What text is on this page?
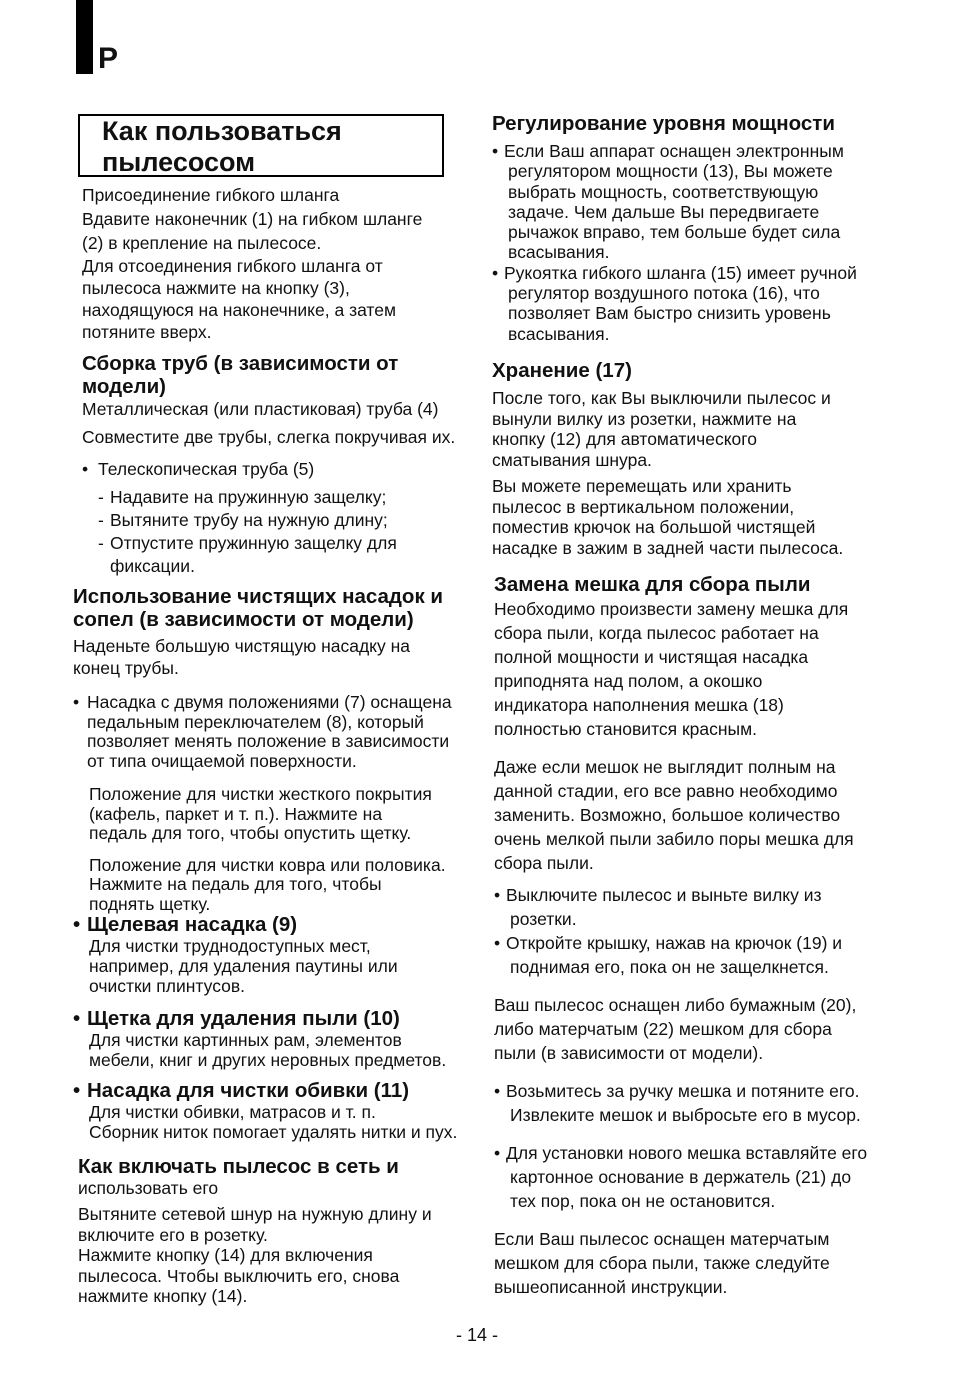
P
Как пользоваться
пылесосом

Присоединение гибкого шланга

Вдавите наконечник (1) на гибком шланге

(2) в крепление на пылесосе.

Для отсоединения гибкого шланга от

пылесоса нажмите на кнопку (3),

находящуюся на наконечнике, а затем

потяните вверх.

Сборка труб (в зависимости от
модели)

Металлическая (или пластиковая) труба (4)

Совместите две трубы, слегка покручивая их.

• Телескопическая труба (5)

- Надавите на пружинную защелку;

- Вытяните трубу на нужную длину;

- Отпустите пружинную защелку для

фиксации.

Использование чистящих насадок и
сопел (в зависимости от модели)

Наденьте большую чистящую насадку на

конец трубы.

• Насадка с двумя положениями (7) оснащена

педальным переключателем (8), который

позволяет менять положение в зависимости

от типа очищаемой поверхности.

Положение для чистки жесткого покрытия

(кафель, паркет и т. п.). Нажмите на

педаль для того, чтобы опустить щетку.

Положение для чистки ковра или половика.

Нажмите на педаль для того, чтобы

поднять щетку.

• Щелевая насадка (9)

Для чистки труднодоступных мест,

например, для удаления паутины или

очистки плинтусов.

• Щетка для удаления пыли (10)

Для чистки картинных рам, элементов

мебели, книг и других неровных предметов.

• Насадка для чистки обивки (11)

Для чистки обивки, матрасов и т. п.

Сборник ниток помогает удалять нитки и пух.

Как включать пылесос в сеть и

использовать его

Вытяните сетевой шнур на нужную длину и

включите его в розетку.

Нажмите кнопку (14) для включения

пылесоса. Чтобы выключить его, снова

нажмите кнопку (14).

Регулирование уровня мощности

• Если Ваш аппарат оснащен электронным

регулятором мощности (13), Вы можете

выбрать мощность, соответствующую

задаче. Чем дальше Вы передвигаете

рычажок вправо, тем больше будет сила

всасывания.

• Рукоятка гибкого шланга (15) имеет ручной

регулятор воздушного потока (16), что

позволяет Вам быстро снизить уровень

всасывания.

Хранение (17)

После того, как Вы выключили пылесос и

вынули вилку из розетки, нажмите на

кнопку (12) для автоматического

сматывания шнура.

Вы можете перемещать или хранить

пылесос в вертикальном положении,

поместив крючок на большой чистящей

насадке в зажим в задней части пылесоса.

Замена мешка для сбора пыли

Необходимо произвести замену мешка для

сбора пыли, когда пылесос работает на

полной мощности и чистящая насадка

приподнята над полом, а окошко

индикатора наполнения мешка (18)

полностью становится красным.

Даже если мешок не выглядит полным на

данной стадии, его все равно необходимо

заменить. Возможно, большое количество

очень мелкой пыли забило поры мешка для

сбора пыли.

• Выключите пылесос и выньте вилку из

розетки.

• Откройте крышку, нажав на крючок (19) и

поднимая его, пока он не защелкнется.

Ваш пылесос оснащен либо бумажным (20),

либо матерчатым (22) мешком для сбора

пыли (в зависимости от модели).

• Возьмитесь за ручку мешка и потяните его.

Извлеките мешок и выбросьте его в мусор.

• Для установки нового мешка вставляйте его

картонное основание в держатель (21) до

тех пор, пока он не остановится.

Если Ваш пылесос оснащен матерчатым

мешком для сбора пыли, также следуйте

вышеописанной инструкции.

- 14 -
